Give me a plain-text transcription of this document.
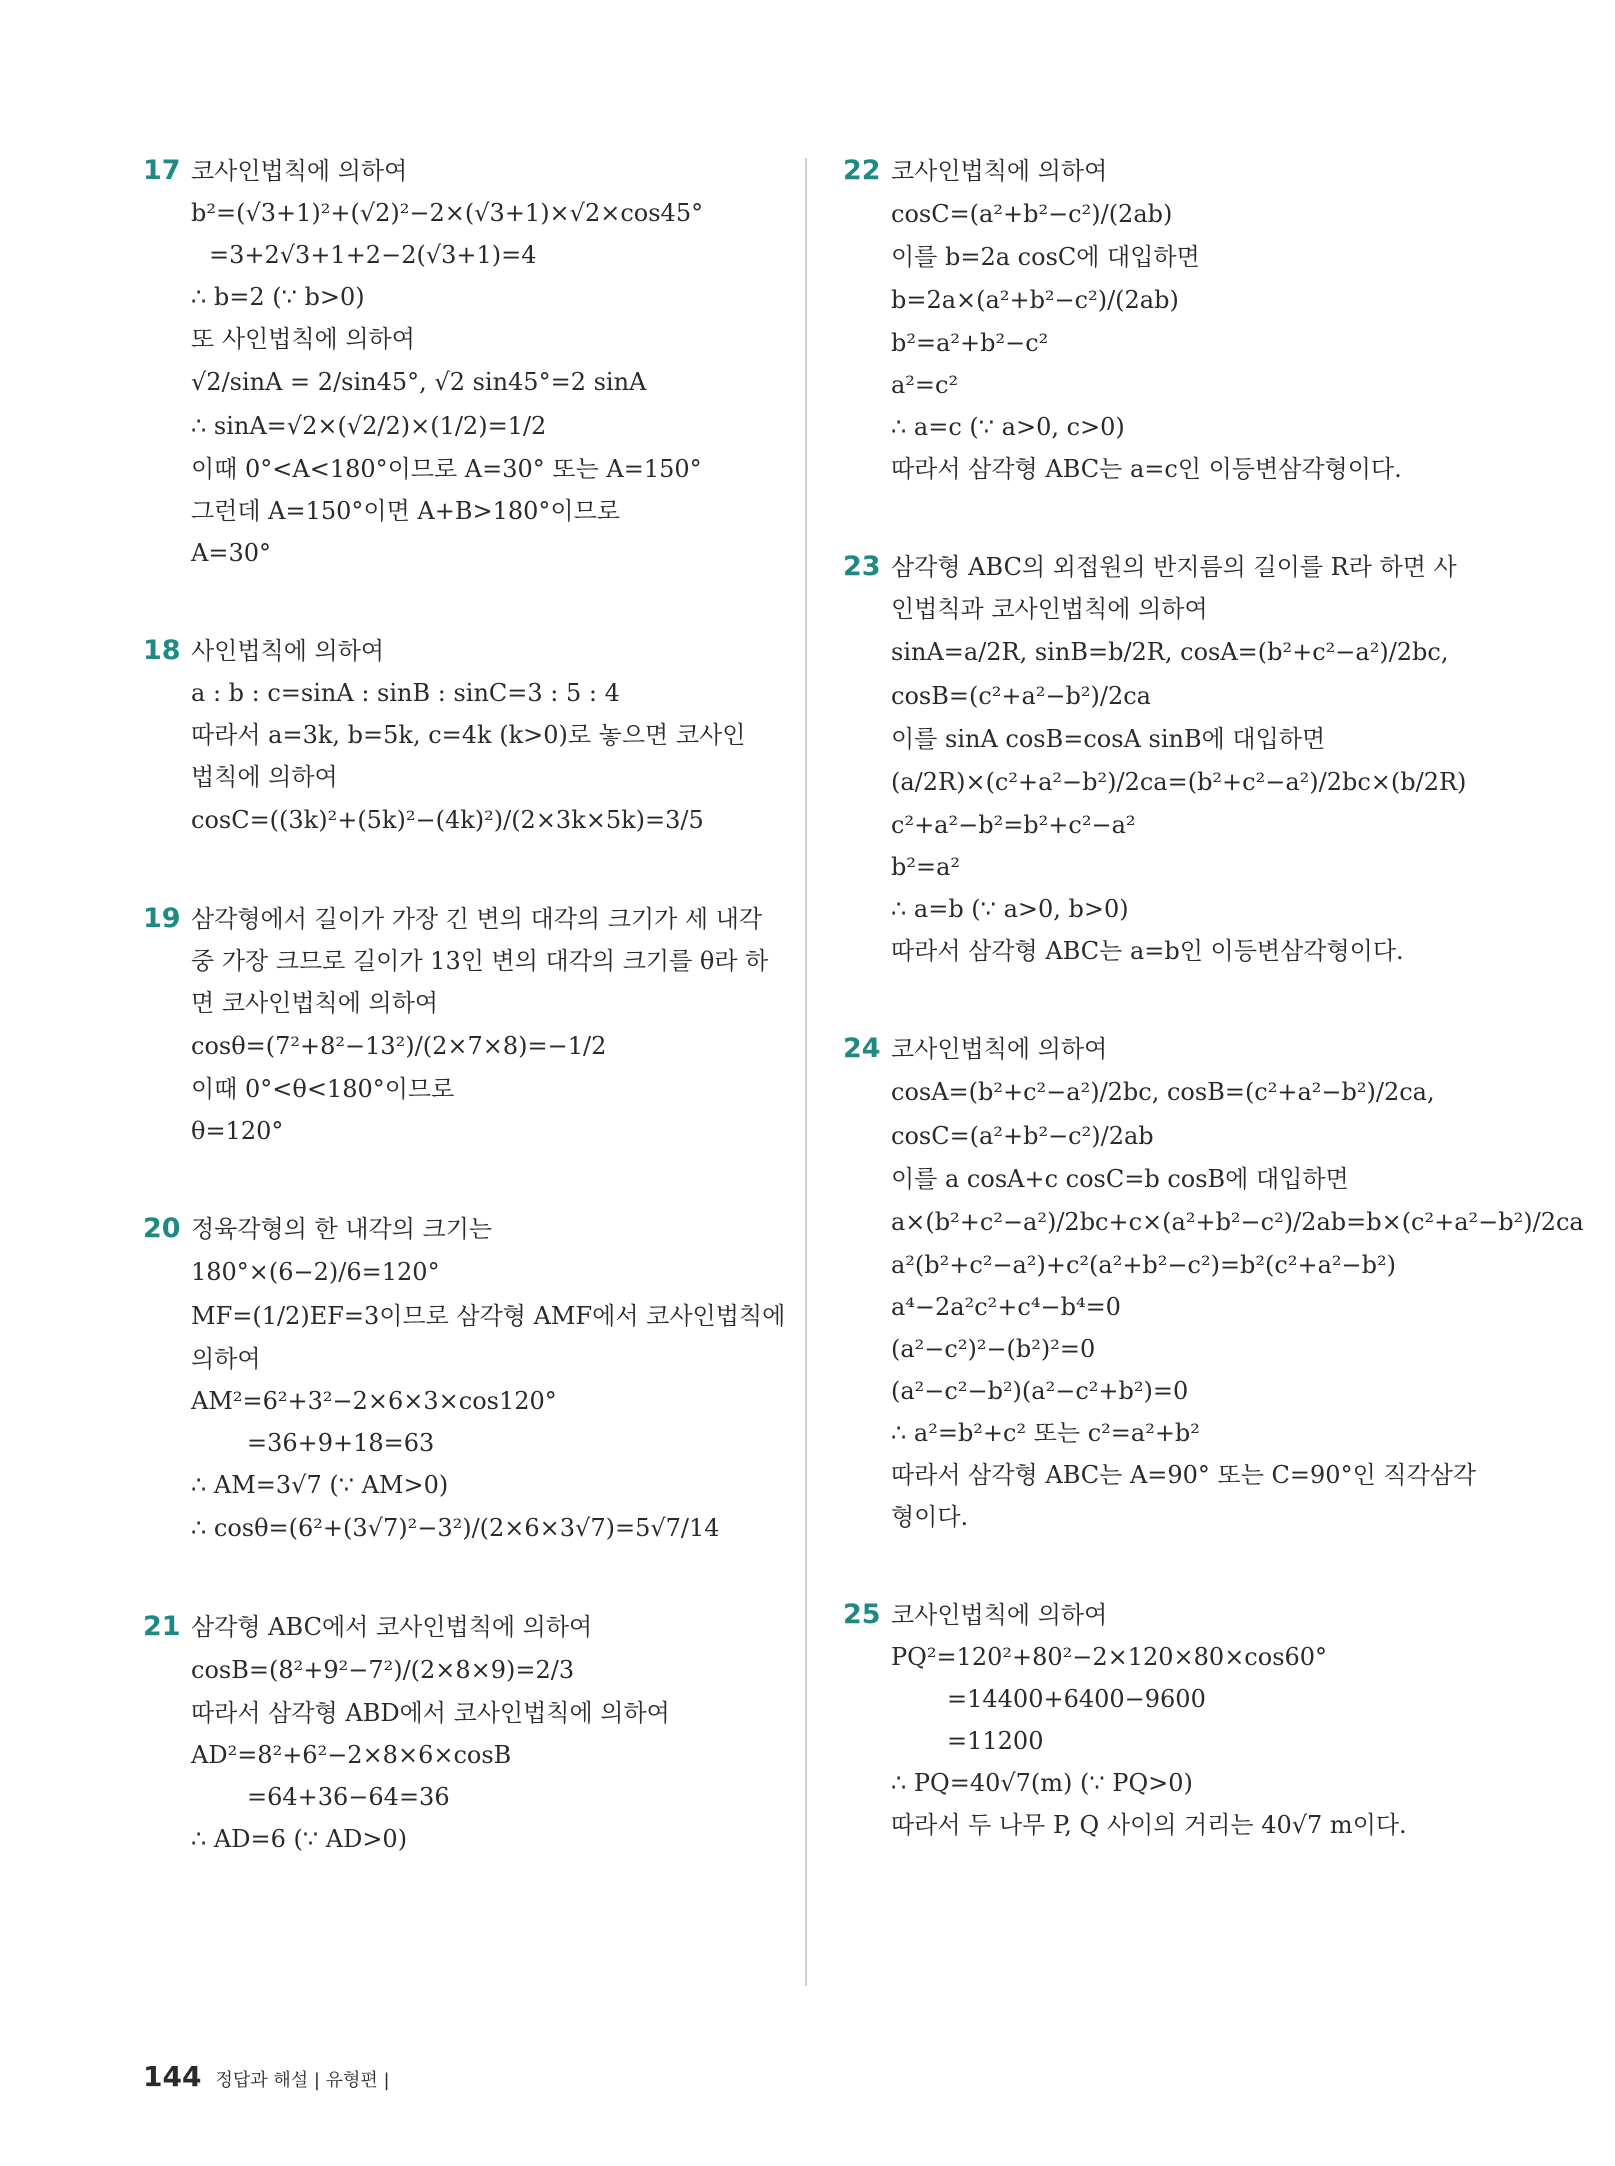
17 코사인법칙에 의하여
b²=(√3+1)²+(√2)²−2×(√3+1)×√2×cos45°
=3+2√3+1+2−2(√3+1)=4
∴ b=2 (∵ b>0)
또 사인법칙에 의하여
√2/sinA = 2/sin45°, √2 sin45°=2 sinA
∴ sinA=√2×(√2/2)×(1/2)=1/2
이때 0°<A<180°이므로 A=30° 또는 A=150°
그런데 A=150°이면 A+B>180°이므로
A=30°
18 사인법칙에 의하여
a : b : c=sinA : sinB : sinC=3 : 5 : 4
따라서 a=3k, b=5k, c=4k (k>0)로 놓으면 코사인
법칙에 의하여
cosC=((3k)²+(5k)²−(4k)²)/(2×3k×5k)=3/5
19 삼각형에서 길이가 가장 긴 변의 대각의 크기가 세 내각
중 가장 크므로 길이가 13인 변의 대각의 크기를 θ라 하
면 코사인법칙에 의하여
cosθ=(7²+8²−13²)/(2×7×8)=−1/2
이때 0°<θ<180°이므로
θ=120°
20 정육각형의 한 내각의 크기는
180°×(6−2)/6=120°
MF=(1/2)EF=3이므로 삼각형 AMF에서 코사인법칙에
의하여
AM²=6²+3²−2×6×3×cos120°
=36+9+18=63
∴ AM=3√7 (∵ AM>0)
∴ cosθ=(6²+(3√7)²−3²)/(2×6×3√7)=5√7/14
21 삼각형 ABC에서 코사인법칙에 의하여
cosB=(8²+9²−7²)/(2×8×9)=2/3
따라서 삼각형 ABD에서 코사인법칙에 의하여
AD²=8²+6²−2×8×6×cosB
=64+36−64=36
∴ AD=6 (∵ AD>0)
22 코사인법칙에 의하여
cosC=(a²+b²−c²)/(2ab)
이를 b=2a cosC에 대입하면
b=2a×(a²+b²−c²)/(2ab)
b²=a²+b²−c²
a²=c²
∴ a=c (∵ a>0, c>0)
따라서 삼각형 ABC는 a=c인 이등변삼각형이다.
23 삼각형 ABC의 외접원의 반지름의 길이를 R라 하면 사
인법칙과 코사인법칙에 의하여
sinA=a/2R, sinB=b/2R, cosA=(b²+c²−a²)/2bc,
cosB=(c²+a²−b²)/2ca
이를 sinA cosB=cosA sinB에 대입하면
(a/2R)×(c²+a²−b²)/2ca=(b²+c²−a²)/2bc×(b/2R)
c²+a²−b²=b²+c²−a²
b²=a²
∴ a=b (∵ a>0, b>0)
따라서 삼각형 ABC는 a=b인 이등변삼각형이다.
24 코사인법칙에 의하여
cosA=(b²+c²−a²)/2bc, cosB=(c²+a²−b²)/2ca,
cosC=(a²+b²−c²)/2ab
이를 a cosA+c cosC=b cosB에 대입하면
a×(b²+c²−a²)/2bc+c×(a²+b²−c²)/2ab=b×(c²+a²−b²)/2ca
a²(b²+c²−a²)+c²(a²+b²−c²)=b²(c²+a²−b²)
a⁴−2a²c²+c⁴−b⁴=0
(a²−c²)²−(b²)²=0
(a²−c²−b²)(a²−c²+b²)=0
∴ a²=b²+c² 또는 c²=a²+b²
따라서 삼각형 ABC는 A=90° 또는 C=90°인 직각삼각
형이다.
25 코사인법칙에 의하여
PQ²=120²+80²−2×120×80×cos60°
=14400+6400−9600
=11200
∴ PQ=40√7(m) (∵ PQ>0)
따라서 두 나무 P, Q 사이의 거리는 40√7 m이다.
144 정답과 해설 | 유형편 |
